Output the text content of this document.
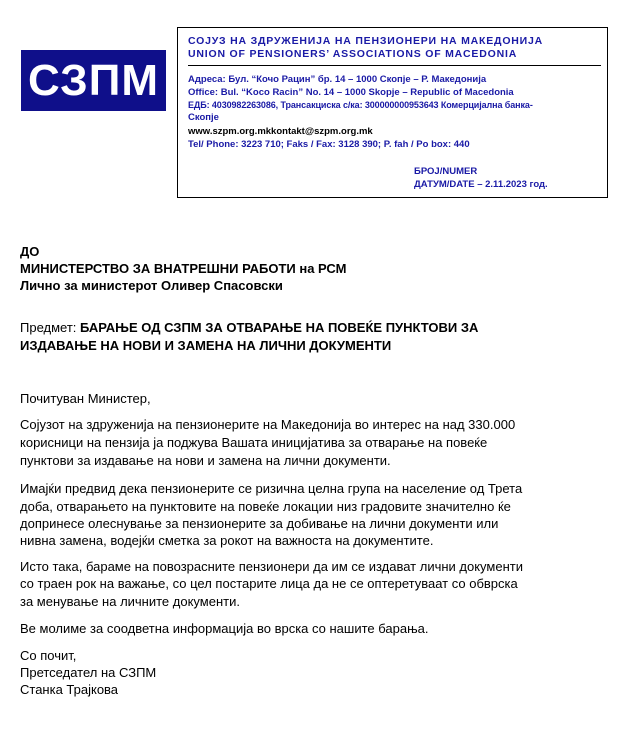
СЗПМ
СОЈУЗ НА ЗДРУЖЕНИЈА НА ПЕНЗИОНЕРИ НА МАКЕДОНИЈА
UNION OF PENSIONERS’ ASSOCIATIONS OF MACEDONIA
Адреса: Бул. “Кочо Рацин” бр. 14 – 1000 Скопје – Р. Македонија
Office: Bul. “Koco Racin” No. 14 – 1000 Skopje – Republic of Macedonia
ЕДБ: 4030982263086, Трансакциска с/ка: 300000000953643 Комерцијална банка-
Скопје
www.szpm.org.mkkontakt@szpm.org.mk
Tel/ Phone: 3223 710; Faks / Fax: 3128 390; P. fah / Po box: 440
БРОЈ/NUMER
ДАТУМ/DATE – 2.11.2023 год.
ДО
МИНИСТЕРСТВО ЗА ВНАТРЕШНИ РАБОТИ на РСМ
Лично за министерот Оливер Спасовски
Предмет: БАРАЊЕ ОД СЗПМ ЗА ОТВАРАЊЕ НА ПОВЕЌЕ ПУНКТОВИ ЗА
ИЗДАВАЊЕ НА НОВИ И ЗАМЕНА НА ЛИЧНИ ДОКУМЕНТИ
Почитуван Министер,
Сојузот на здруженија на пензионерите на Македонија во интерес на над 330.000
корисници на пензија ја поджува Вашата иницијатива за отварање на повеќе
пунктови за издавање на нови и замена на лични документи.
Имајќи предвид дека пензионерите се ризична целна група на население од Трета
доба, отварањето на пунктовите на повеќе локации низ градовите значително ќе
допринесе олеснување за пензионерите за добивање на лични документи или
нивна замена, водејќи сметка за рокот на важноста на документите.
Исто така, бараме на повозрасните пензионери да им се издават лични документи
со траен рок на важање, со цел постарите лица да не се оптеретуваат со обврска
за менување на личните документи.
Ве молиме за соодветна информација во врска со нашите барања.
Со почит,
Претседател на СЗПМ
Станка Трајкова
